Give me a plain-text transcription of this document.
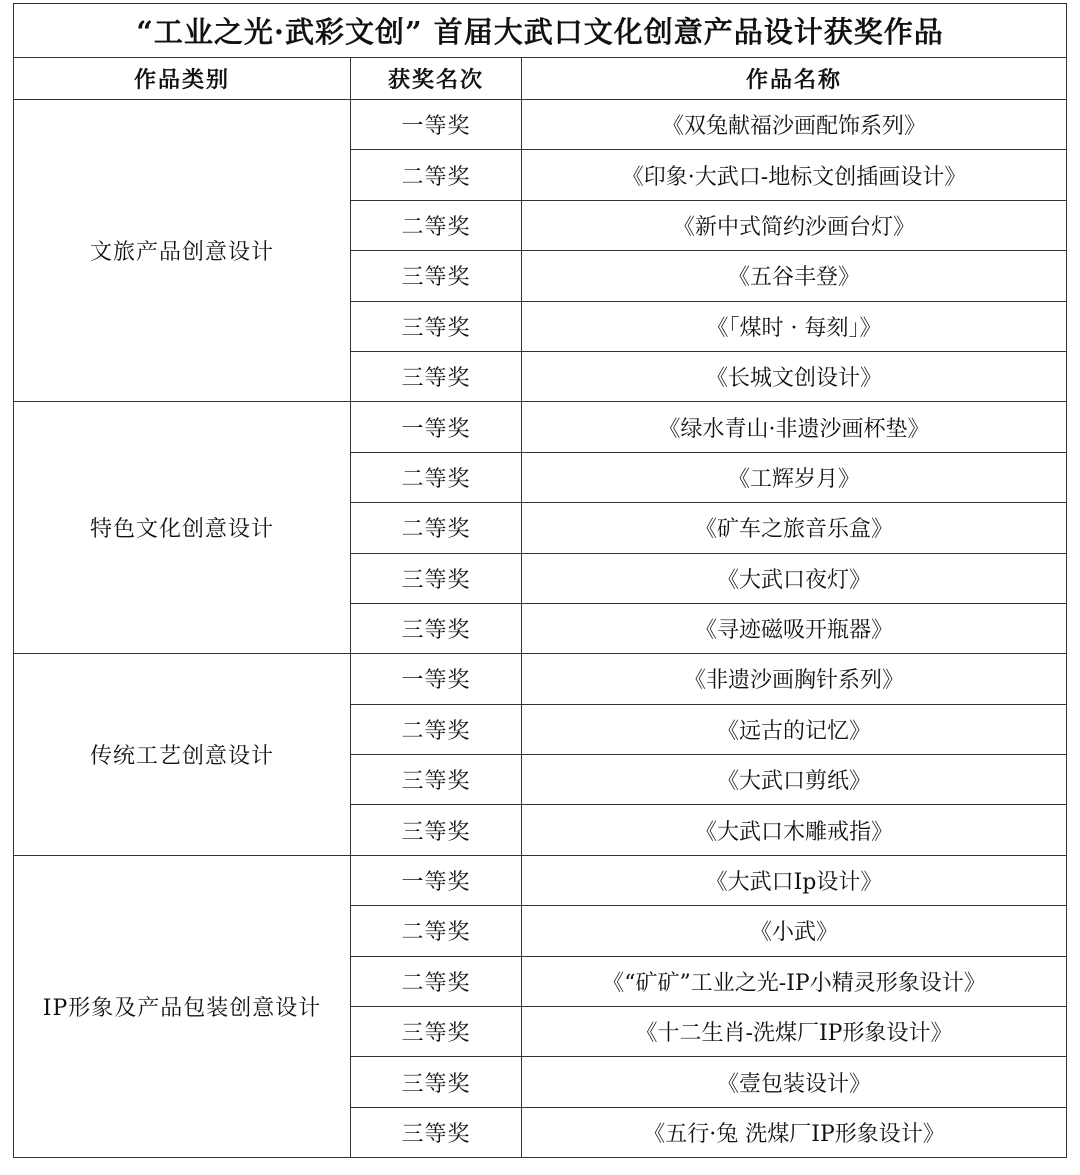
“工业之光·武彩文创” 首届大武口文化创意产品设计获奖作品		
作品类别	获奖名次	作品名称
文旅产品创意设计	一等奖	《双兔献福沙画配饰系列》
	二等奖	《印象·大武口-地标文创插画设计》
	二等奖	《新中式简约沙画台灯》
	三等奖	《五谷丰登》
	三等奖	《「煤时 · 每刻」》
	三等奖	《长城文创设计》
特色文化创意设计	一等奖	《绿水青山·非遗沙画杯垫》
	二等奖	《工辉岁月》
	二等奖	《矿车之旅音乐盒》
	三等奖	《大武口夜灯》
	三等奖	《寻迹磁吸开瓶器》
传统工艺创意设计	一等奖	《非遗沙画胸针系列》
	二等奖	《远古的记忆》
	三等奖	《大武口剪纸》
	三等奖	《大武口木雕戒指》
IP形象及产品包装创意设计	一等奖	《大武口Ip设计》
	二等奖	《小武》
	二等奖	《“矿矿”工业之光-IP小精灵形象设计》
	三等奖	《十二生肖-洗煤厂IP形象设计》
	三等奖	《壹包装设计》
	三等奖	《五行·兔 洗煤厂IP形象设计》
